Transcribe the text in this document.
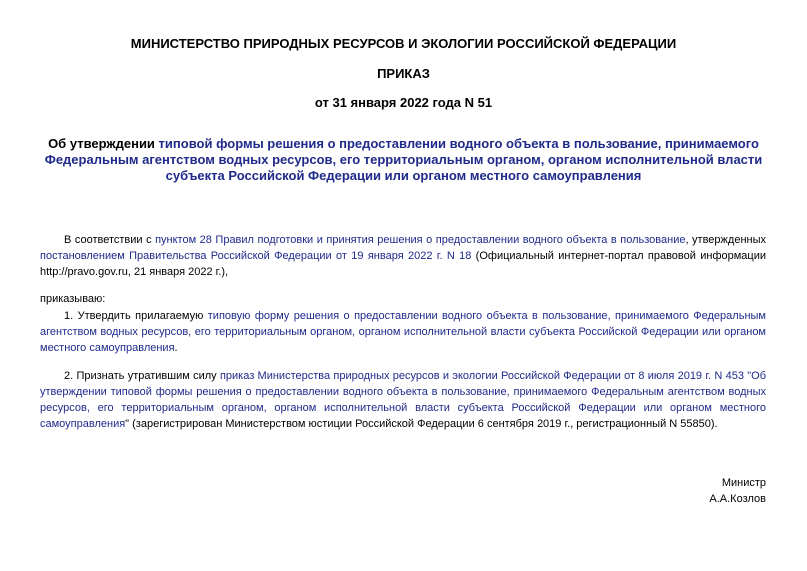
МИНИСТЕРСТВО ПРИРОДНЫХ РЕСУРСОВ И ЭКОЛОГИИ РОССИЙСКОЙ ФЕДЕРАЦИИ
ПРИКАЗ
от 31 января 2022 года N 51
Об утверждении типовой формы решения о предоставлении водного объекта в пользование, принимаемого Федеральным агентством водных ресурсов, его территориальным органом, органом исполнительной власти субъекта Российской Федерации или органом местного самоуправления
В соответствии с пунктом 28 Правил подготовки и принятия решения о предоставлении водного объекта в пользование, утвержденных постановлением Правительства Российской Федерации от 19 января 2022 г. N 18 (Официальный интернет-портал правовой информации http://pravo.gov.ru, 21 января 2022 г.),
приказываю:
1. Утвердить прилагаемую типовую форму решения о предоставлении водного объекта в пользование, принимаемого Федеральным агентством водных ресурсов, его территориальным органом, органом исполнительной власти субъекта Российской Федерации или органом местного самоуправления.
2. Признать утратившим силу приказ Министерства природных ресурсов и экологии Российской Федерации от 8 июля 2019 г. N 453 "Об утверждении типовой формы решения о предоставлении водного объекта в пользование, принимаемого Федеральным агентством водных ресурсов, его территориальным органом, органом исполнительной власти субъекта Российской Федерации или органом местного самоуправления" (зарегистрирован Министерством юстиции Российской Федерации 6 сентября 2019 г., регистрационный N 55850).
Министр
А.А.Козлов
